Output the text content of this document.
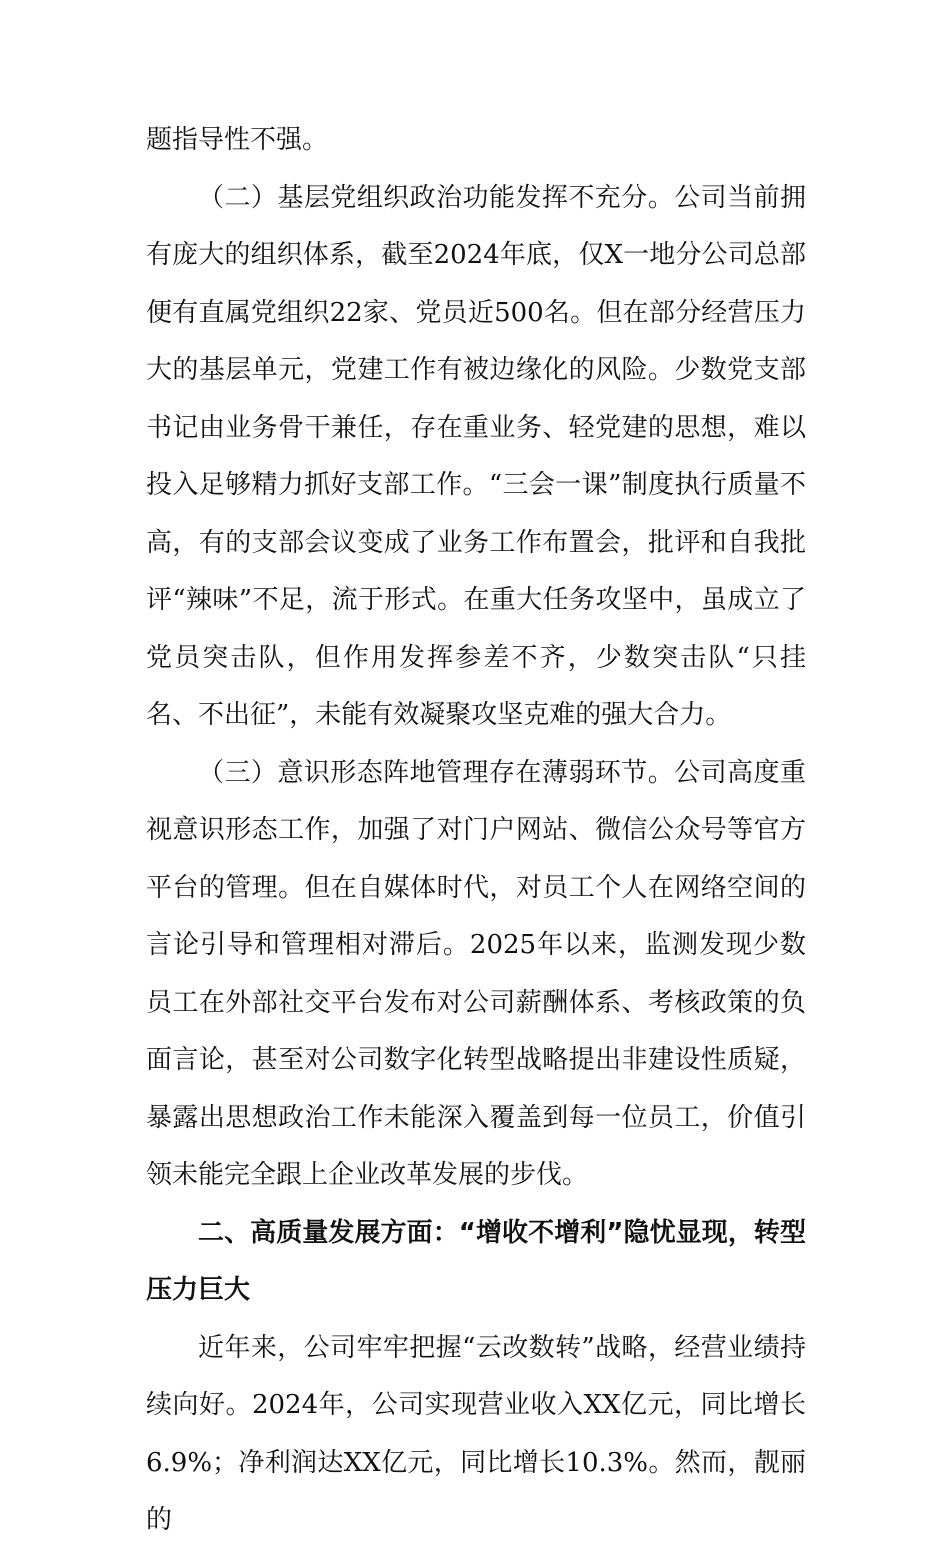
题指导性不强。

（二）基层党组织政治功能发挥不充分。公司当前拥有庞大的组织体系，截至2024年底，仅X一地分公司总部便有直属党组织22家、党员近500名。但在部分经营压力大的基层单元，党建工作有被边缘化的风险。少数党支部书记由业务骨干兼任，存在重业务、轻党建的思想，难以投入足够精力抓好支部工作。“三会一课”制度执行质量不高，有的支部会议变成了业务工作布置会，批评和自我批评“辣味”不足，流于形式。在重大任务攻坚中，虽成立了党员突击队，但作用发挥参差不齐，少数突击队“只挂名、不出征”，未能有效凝聚攻坚克难的强大合力。

（三）意识形态阵地管理存在薄弱环节。公司高度重视意识形态工作，加强了对门户网站、微信公众号等官方平台的管理。但在自媒体时代，对员工个人在网络空间的言论引导和管理相对滞后。2025年以来，监测发现少数员工在外部社交平台发布对公司薪酬体系、考核政策的负面言论，甚至对公司数字化转型战略提出非建设性质疑，暴露出思想政治工作未能深入覆盖到每一位员工，价值引领未能完全跟上企业改革发展的步伐。

二、高质量发展方面：“增收不增利”隐忧显现，转型压力巨大

近年来，公司牢牢把握“云改数转”战略，经营业绩持续向好。2024年，公司实现营业收入XX亿元，同比增长6.9%；净利润达XX亿元，同比增长10.3%。然而，靓丽的
